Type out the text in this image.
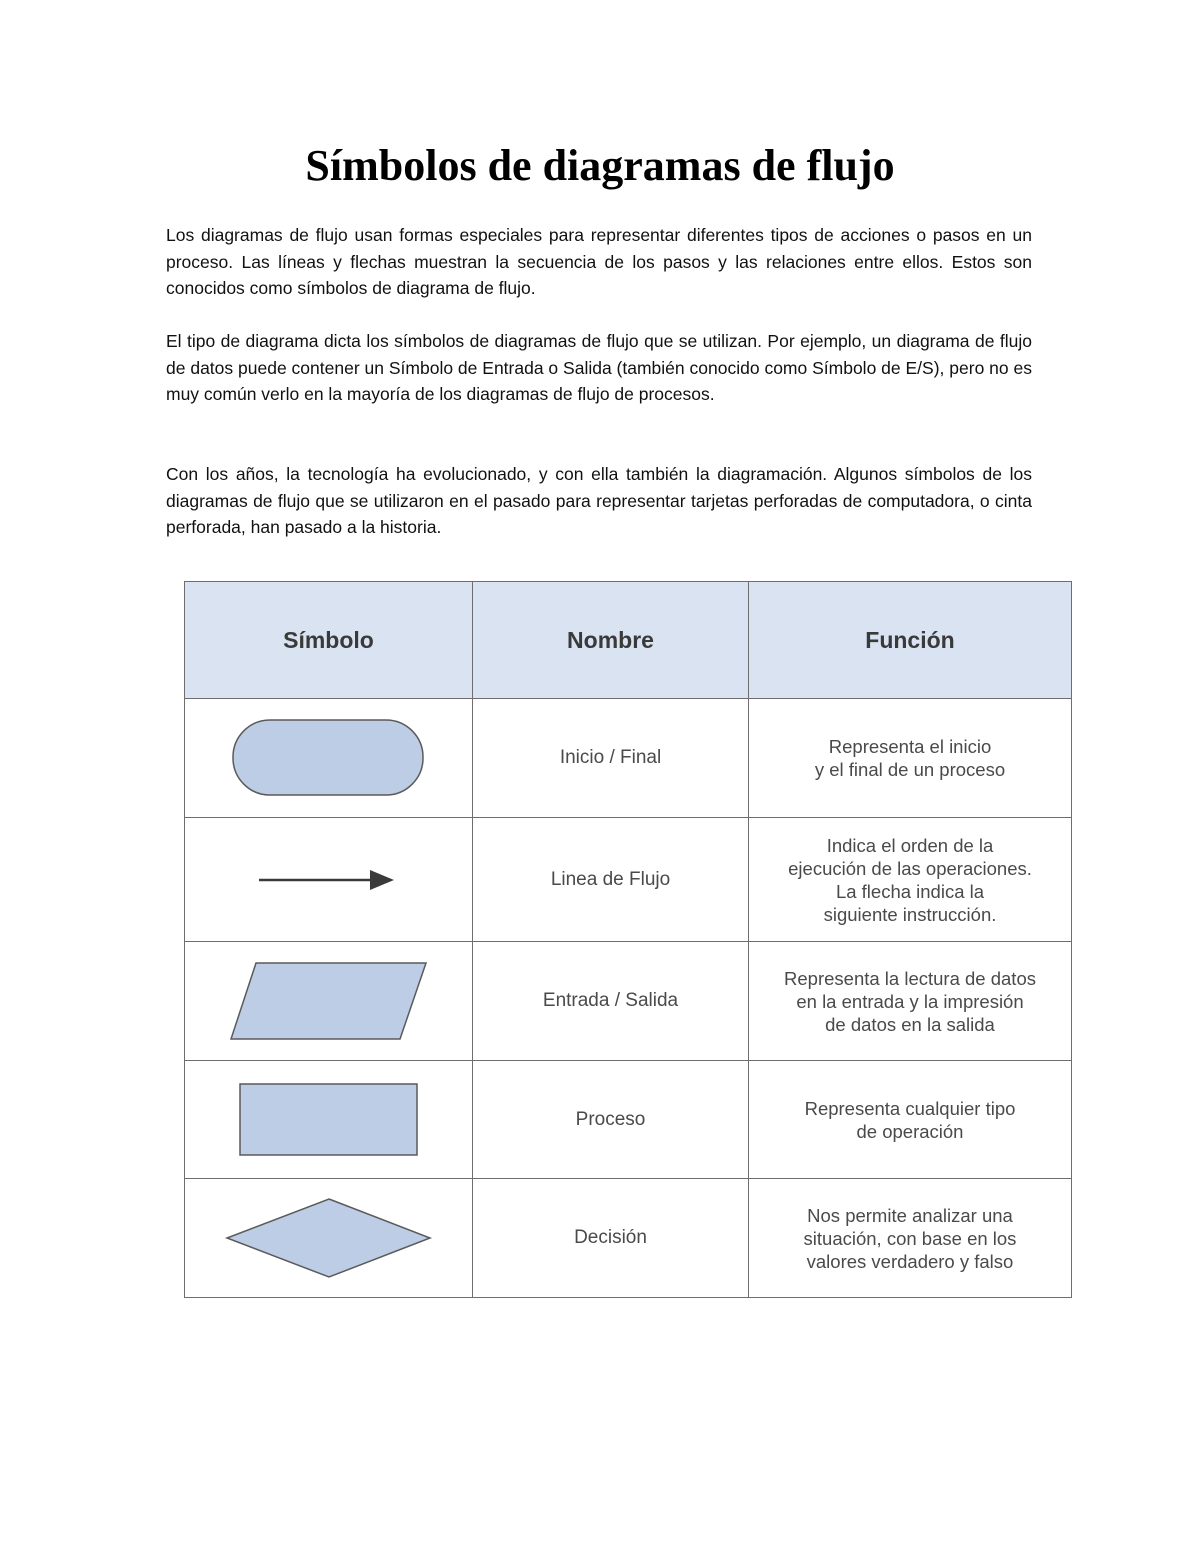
Símbolos de diagramas de flujo

Los diagramas de flujo usan formas especiales para representar diferentes tipos de acciones o pasos en un proceso. Las líneas y flechas muestran la secuencia de los pasos y las relaciones entre ellos. Estos son conocidos como símbolos de diagrama de flujo.

El tipo de diagrama dicta los símbolos de diagramas de flujo que se utilizan. Por ejemplo, un diagrama de flujo de datos puede contener un Símbolo de Entrada o Salida (también conocido como Símbolo de E/S), pero no es muy común verlo en la mayoría de los diagramas de flujo de procesos.

Con los años, la tecnología ha evolucionado, y con ella también la diagramación. Algunos símbolos de los diagramas de flujo que se utilizaron en el pasado para representar tarjetas perforadas de computadora, o cinta perforada, han pasado a la historia.

Símbolo	Nombre	Función

	Inicio / Final	Representa el inicio
y el final de un proceso

	Linea de Flujo	Indica el orden de la
ejecución de las operaciones.
La flecha indica la
siguiente instrucción.

	Entrada / Salida	Representa la lectura de datos
en la entrada y la impresión
de datos en la salida

	Proceso	Representa cualquier tipo
de operación

	Decisión	Nos permite analizar una
situación, con base en los
valores verdadero y falso
